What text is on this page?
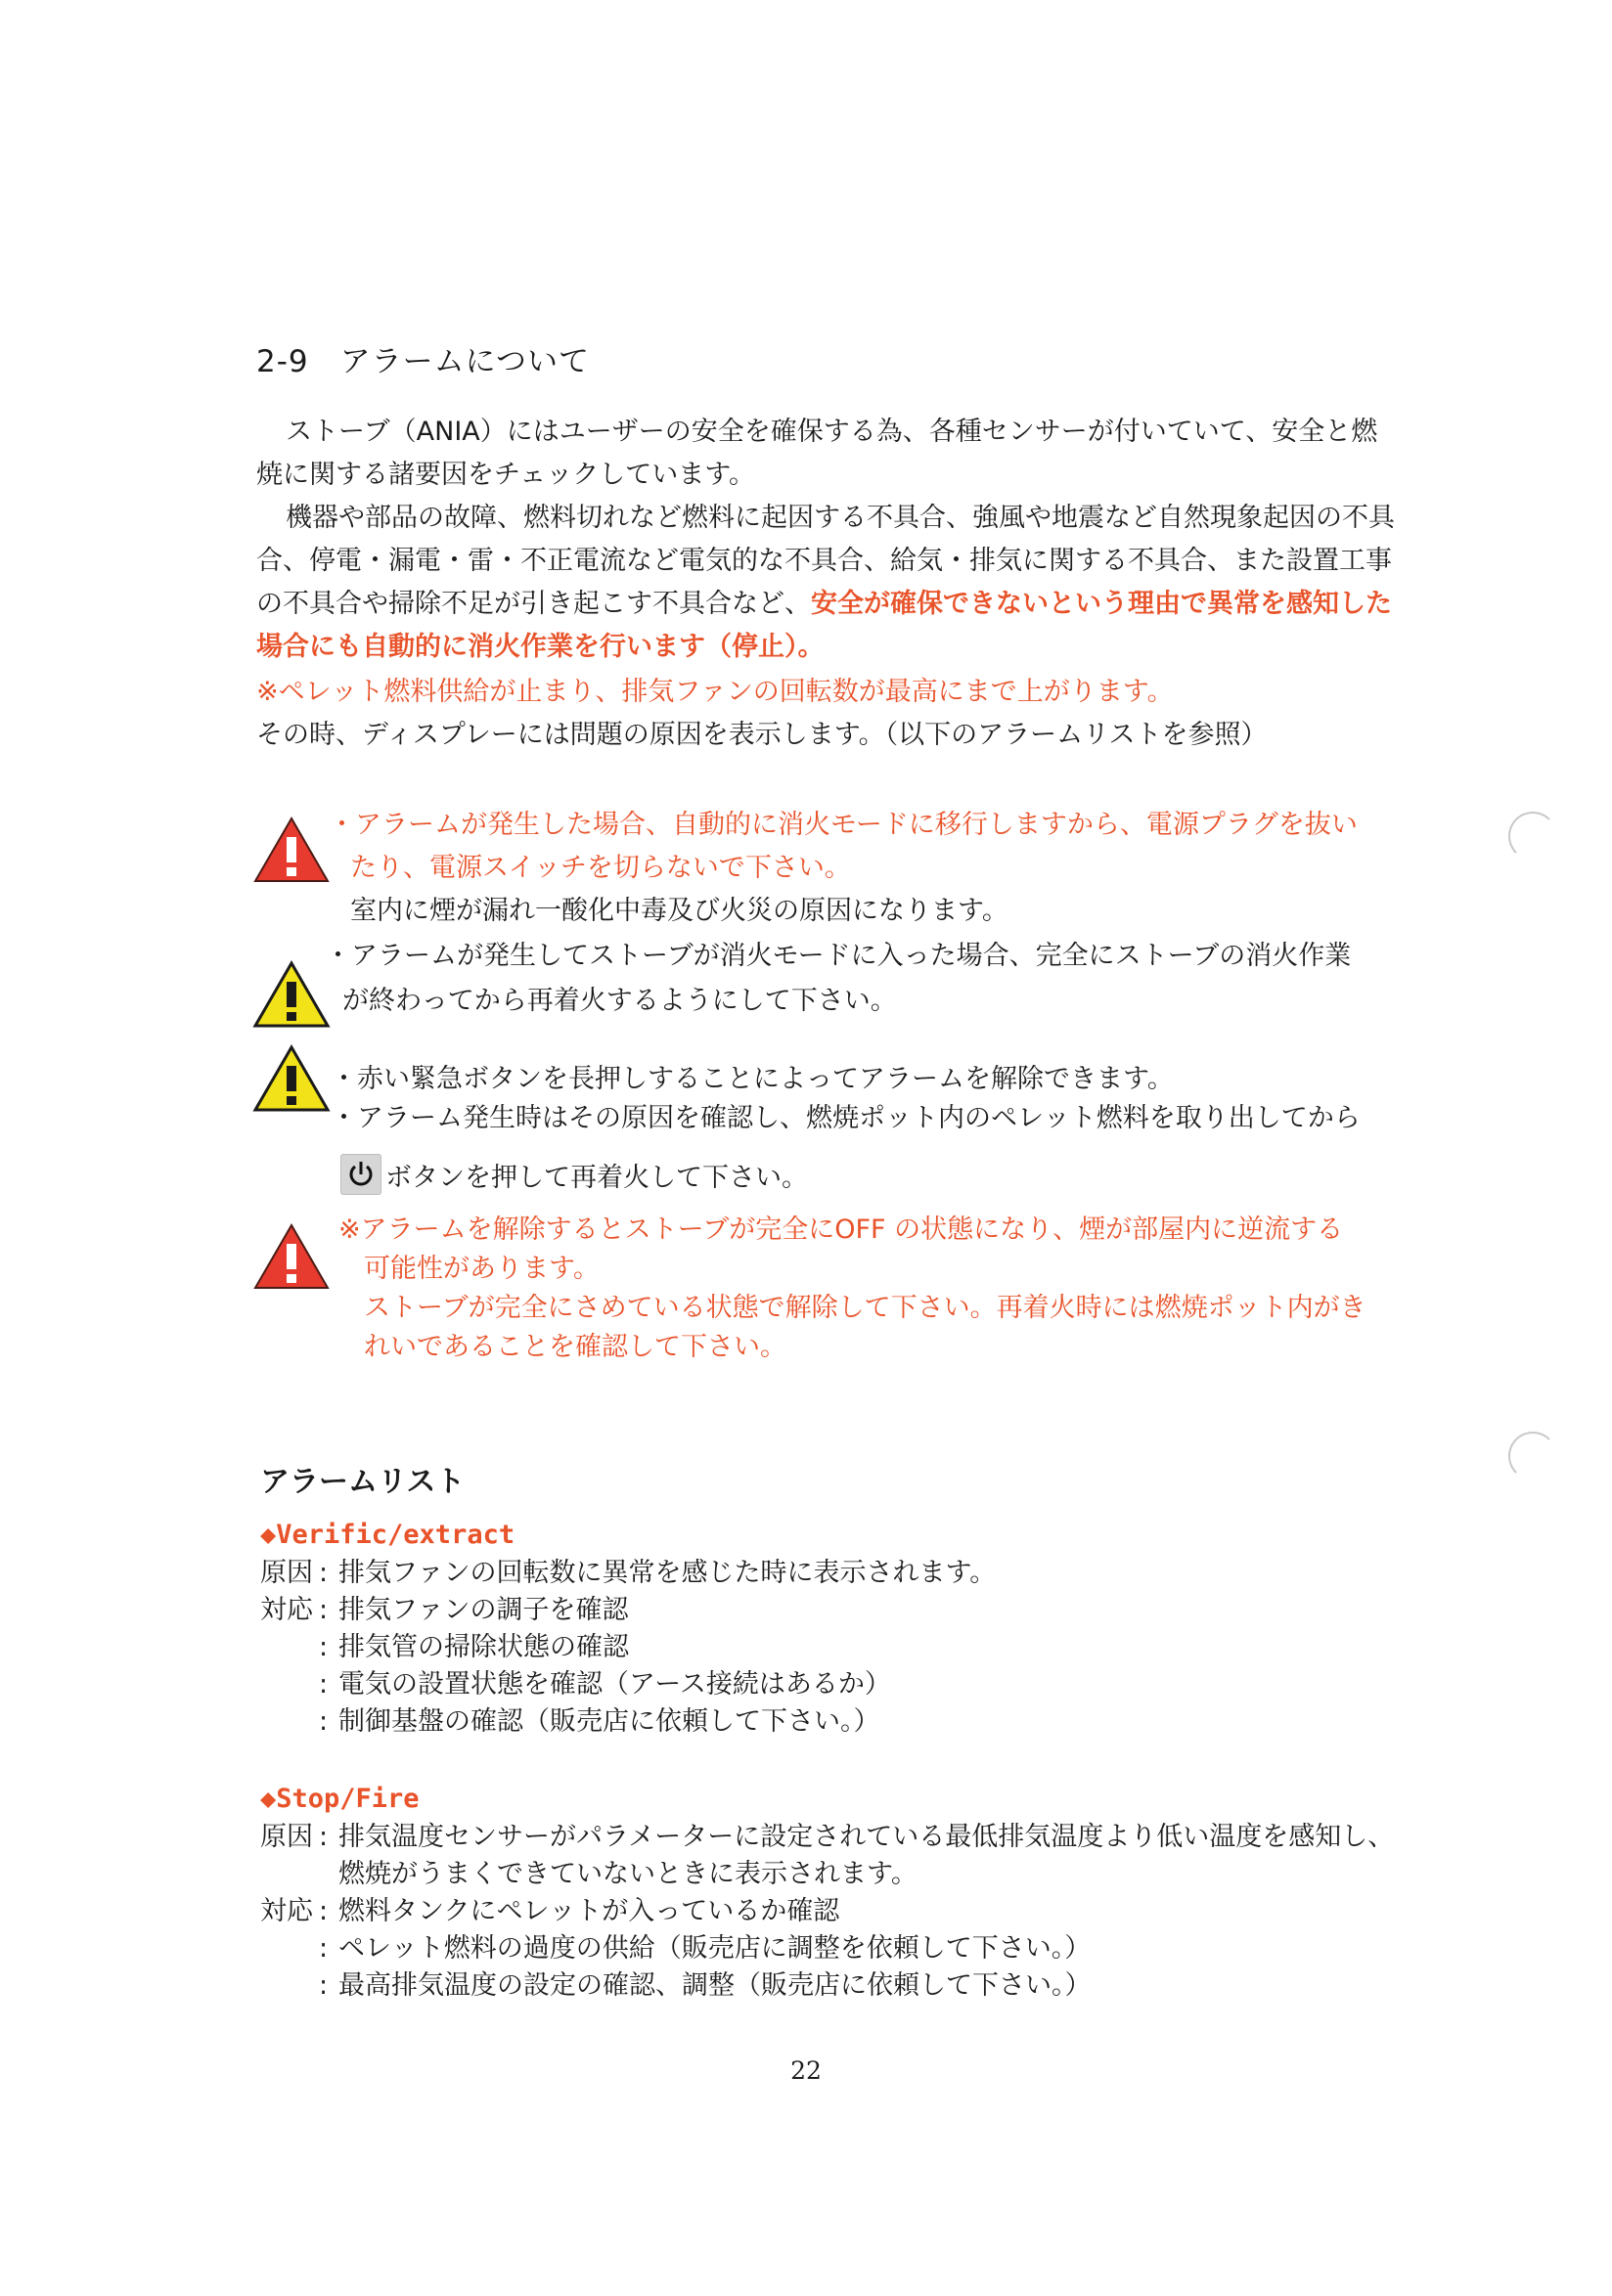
2-9　アラームについて
ストーブ（ANIA）にはユーザーの安全を確保する為、各種センサーが付いていて、安全と燃焼に関する諸要因をチェックしています。
機器や部品の故障、燃料切れなど燃料に起因する不具合、強風や地震など自然現象起因の不具合、停電・漏電・雷・不正電流など電気的な不具合、給気・排気に関する不具合、また設置工事の不具合や掃除不足が引き起こす不具合など、安全が確保できないという理由で異常を感知した場合にも自動的に消火作業を行います（停止）。
※ペレット燃料供給が止まり、排気ファンの回転数が最高にまで上がります。
その時、ディスプレーには問題の原因を表示します。（以下のアラームリストを参照）
・アラームが発生した場合、自動的に消火モードに移行しますから、電源プラグを抜い
たり、電源スイッチを切らないで下さい。
室内に煙が漏れ一酸化中毒及び火災の原因になります。
・アラームが発生してストーブが消火モードに入った場合、完全にストーブの消火作業
が終わってから再着火するようにして下さい。
・赤い緊急ボタンを長押しすることによってアラームを解除できます。
・アラーム発生時はその原因を確認し、燃焼ポット内のペレット燃料を取り出してから
ボタンを押して再着火して下さい。
※アラームを解除するとストーブが完全にOFF の状態になり、煙が部屋内に逆流する
可能性があります。
ストーブが完全にさめている状態で解除して下さい。再着火時には燃焼ポット内がき
れいであることを確認して下さい。
アラームリスト
◆Verific/extract
原因 : 排気ファンの回転数に異常を感じた時に表示されます。
対応 : 排気ファンの調子を確認
: 排気管の掃除状態の確認
: 電気の設置状態を確認（アース接続はあるか）
: 制御基盤の確認（販売店に依頼して下さい。）
◆Stop/Fire
原因 : 排気温度センサーがパラメーターに設定されている最低排気温度より低い温度を感知し、
燃焼がうまくできていないときに表示されます。
対応 : 燃料タンクにペレットが入っているか確認
: ペレット燃料の過度の供給（販売店に調整を依頼して下さい。）
: 最高排気温度の設定の確認、調整（販売店に依頼して下さい。）
22
